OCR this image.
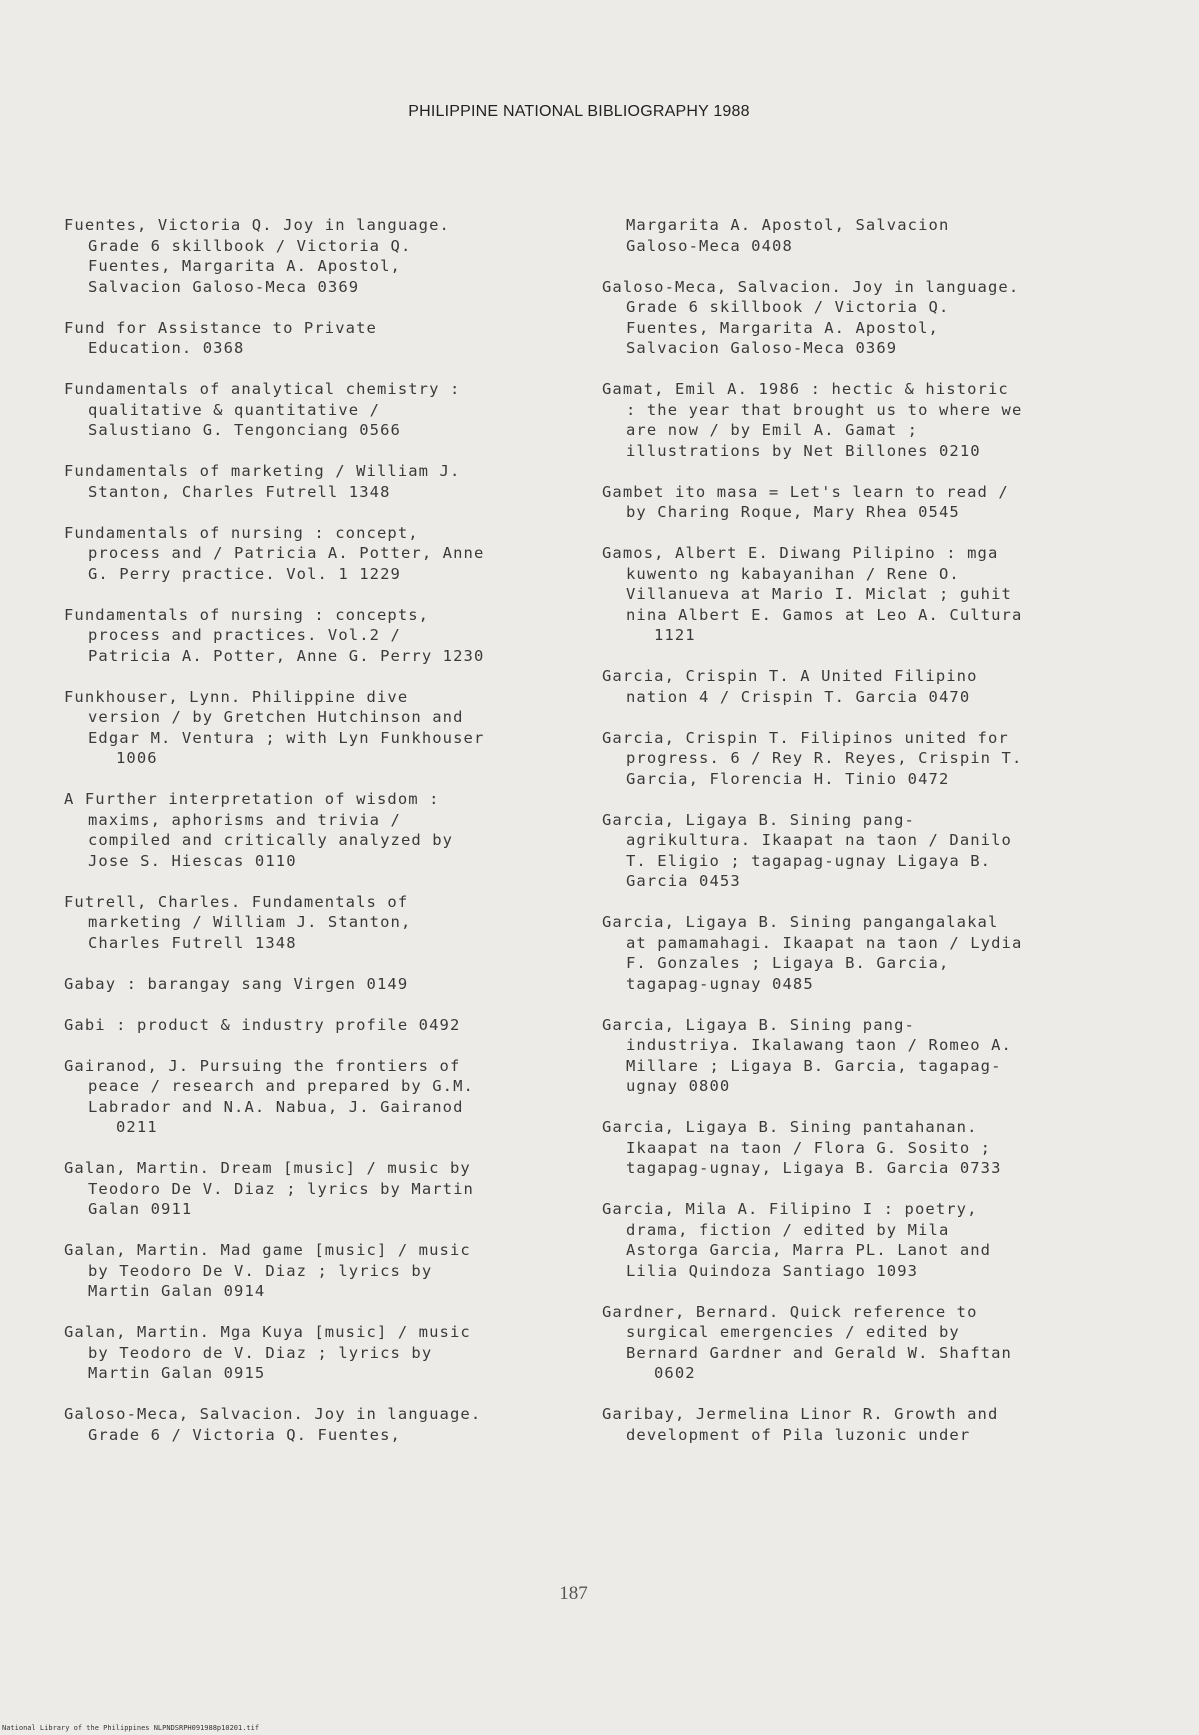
PHILIPPINE NATIONAL BIBLIOGRAPHY 1988
Fuentes, Victoria Q. Joy in language.
Grade 6 skillbook / Victoria Q.
Fuentes, Margarita A. Apostol,
Salvacion Galoso-Meca 0369
Fund for Assistance to Private
Education. 0368
Fundamentals of analytical chemistry :
qualitative & quantitative /
Salustiano G. Tengonciang 0566
Fundamentals of marketing / William J.
Stanton, Charles Futrell 1348
Fundamentals of nursing : concept,
process and / Patricia A. Potter, Anne
G. Perry practice. Vol. 1 1229
Fundamentals of nursing : concepts,
process and practices. Vol.2 /
Patricia A. Potter, Anne G. Perry 1230
Funkhouser, Lynn. Philippine dive
version / by Gretchen Hutchinson and
Edgar M. Ventura ; with Lyn Funkhouser
1006
A Further interpretation of wisdom :
maxims, aphorisms and trivia /
compiled and critically analyzed by
Jose S. Hiescas 0110
Futrell, Charles. Fundamentals of
marketing / William J. Stanton,
Charles Futrell 1348
Gabay : barangay sang Virgen 0149
Gabi : product & industry profile 0492
Gairanod, J. Pursuing the frontiers of
peace / research and prepared by G.M.
Labrador and N.A. Nabua, J. Gairanod
0211
Galan, Martin. Dream [music] / music by
Teodoro De V. Diaz ; lyrics by Martin
Galan 0911
Galan, Martin. Mad game [music] / music
by Teodoro De V. Diaz ; lyrics by
Martin Galan 0914
Galan, Martin. Mga Kuya [music] / music
by Teodoro de V. Diaz ; lyrics by
Martin Galan 0915
Galoso-Meca, Salvacion. Joy in language.
Grade 6 / Victoria Q. Fuentes,
Margarita A. Apostol, Salvacion
Galoso-Meca 0408
Galoso-Meca, Salvacion. Joy in language.
Grade 6 skillbook / Victoria Q.
Fuentes, Margarita A. Apostol,
Salvacion Galoso-Meca 0369
Gamat, Emil A. 1986 : hectic & historic
: the year that brought us to where we
are now / by Emil A. Gamat ;
illustrations by Net Billones 0210
Gambet ito masa = Let's learn to read /
by Charing Roque, Mary Rhea 0545
Gamos, Albert E. Diwang Pilipino : mga
kuwento ng kabayanihan / Rene O.
Villanueva at Mario I. Miclat ; guhit
nina Albert E. Gamos at Leo A. Cultura
1121
Garcia, Crispin T. A United Filipino
nation 4 / Crispin T. Garcia 0470
Garcia, Crispin T. Filipinos united for
progress. 6 / Rey R. Reyes, Crispin T.
Garcia, Florencia H. Tinio 0472
Garcia, Ligaya B. Sining pang-
agrikultura. Ikaapat na taon / Danilo
T. Eligio ; tagapag-ugnay Ligaya B.
Garcia 0453
Garcia, Ligaya B. Sining pangangalakal
at pamamahagi. Ikaapat na taon / Lydia
F. Gonzales ; Ligaya B. Garcia,
tagapag-ugnay 0485
Garcia, Ligaya B. Sining pang-
industriya. Ikalawang taon / Romeo A.
Millare ; Ligaya B. Garcia, tagapag-
ugnay 0800
Garcia, Ligaya B. Sining pantahanan.
Ikaapat na taon / Flora G. Sosito ;
tagapag-ugnay, Ligaya B. Garcia 0733
Garcia, Mila A. Filipino I : poetry,
drama, fiction / edited by Mila
Astorga Garcia, Marra PL. Lanot and
Lilia Quindoza Santiago 1093
Gardner, Bernard. Quick reference to
surgical emergencies / edited by
Bernard Gardner and Gerald W. Shaftan
0602
Garibay, Jermelina Linor R. Growth and
development of Pila luzonic under
187
National Library of the Philippines NLPNDSRPH091988p10201.tif
